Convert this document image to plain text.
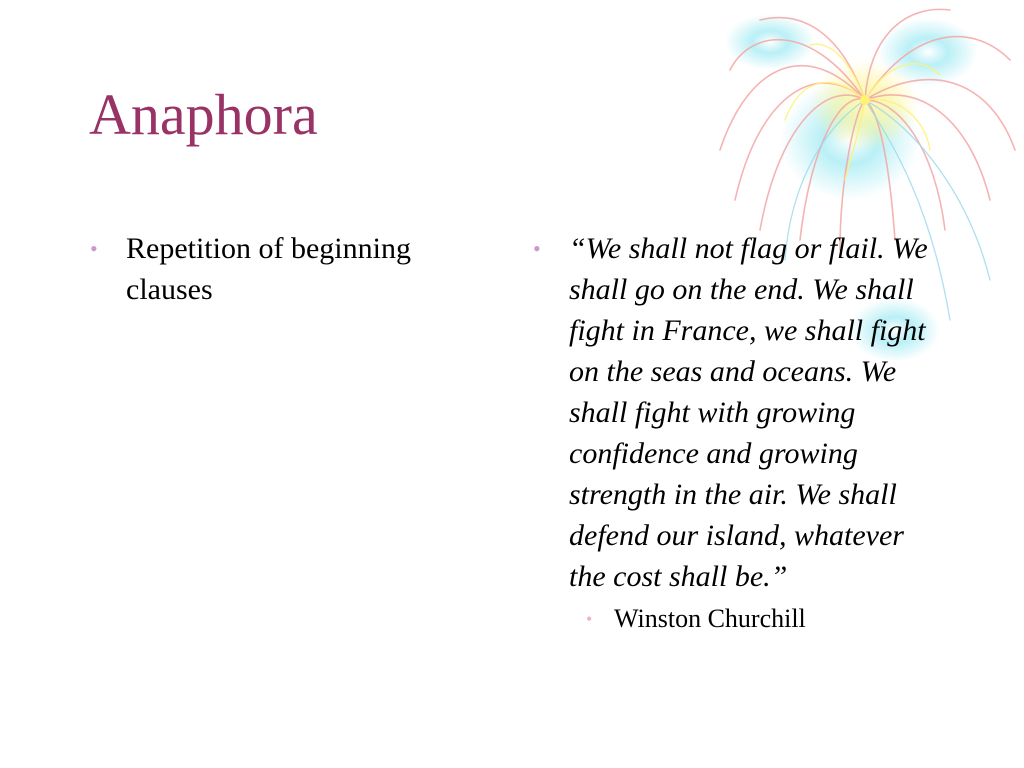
Anaphora
• Repetition of beginning clauses
• “We shall not flag or flail. We shall go on the end. We shall fight in France, we shall fight on the seas and oceans. We shall fight with growing confidence and growing strength in the air. We shall defend our island, whatever the cost shall be.”
• Winston Churchill
